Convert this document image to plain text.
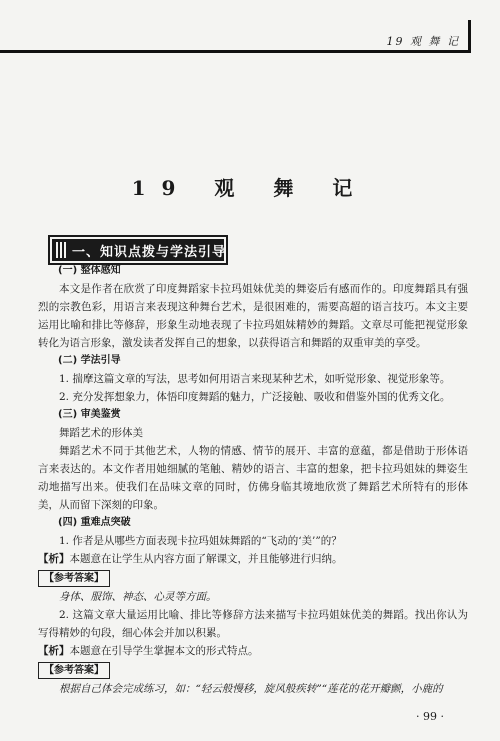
19 观 舞 记
19 观 舞 记
一、知识点拨与学法引导

(一) 整体感知

本文是作者在欣赏了印度舞蹈家卡拉玛姐妹优美的舞姿后有感而作的。印度舞蹈具有强烈的宗教色彩，用语言来表现这种舞台艺术，是很困难的，需要高超的语言技巧。本文主要运用比喻和排比等修辞，形象生动地表现了卡拉玛姐妹精妙的舞蹈。文章尽可能把视觉形象转化为语言形象，激发读者发挥自己的想象，以获得语言和舞蹈的双重审美的享受。

(二) 学法引导

1. 揣摩这篇文章的写法，思考如何用语言来现某种艺术，如听觉形象、视觉形象等。

2. 充分发挥想象力，体悟印度舞蹈的魅力，广泛接触、吸收和借鉴外国的优秀文化。

(三) 审美鉴赏

舞蹈艺术的形体美

舞蹈艺术不同于其他艺术，人物的情感、情节的展开、丰富的意蕴，都是借助于形体语言来表达的。本文作者用她细腻的笔触、精妙的语言、丰富的想象，把卡拉玛姐妹的舞姿生动地描写出来。使我们在品味文章的同时，仿佛身临其境地欣赏了舞蹈艺术所特有的形体美，从而留下深刻的印象。

(四) 重难点突破

1. 作者是从哪些方面表现卡拉玛姐妹舞蹈的“飞动的‘美’”的？

【析】本题意在让学生从内容方面了解课文，并且能够进行归纳。

【参考答案】

身体、服饰、神态、心灵等方面。

2. 这篇文章大量运用比喻、排比等修辞方法来描写卡拉玛姐妹优美的舞蹈。找出你认为写得精妙的句段，细心体会并加以积累。

【析】本题意在引导学生掌握本文的形式特点。

【参考答案】

根据自己体会完成练习，如：“轻云般慢移，旋风般疾转”“莲花的花开瓣颤，小鹿的

· 99 ·
